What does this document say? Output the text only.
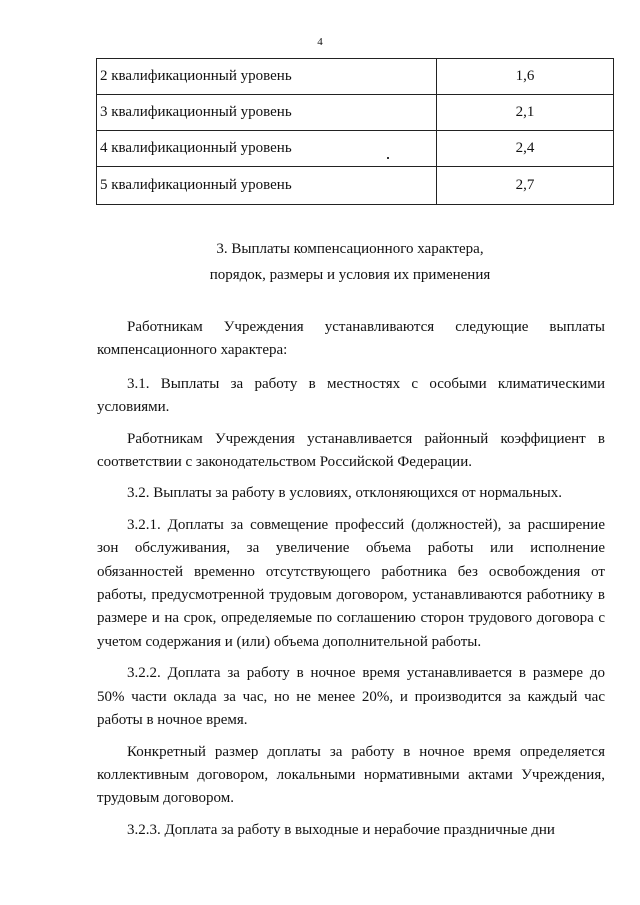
4
2 квалификационный уровень	1,6
3 квалификационный уровень	2,1
4 квалификационный уровень	2,4
5 квалификационный уровень	2,7
3. Выплаты компенсационного характера,
порядок, размеры и условия их применения

Работникам Учреждения устанавливаются следующие выплаты компенсационного характера:

3.1. Выплаты за работу в местностях с особыми климатическими условиями.

Работникам Учреждения устанавливается районный коэффициент в соответствии с законодательством Российской Федерации.

3.2. Выплаты за работу в условиях, отклоняющихся от нормальных.

3.2.1. Доплаты за совмещение профессий (должностей), за расширение зон обслуживания, за увеличение объема работы или исполнение обязанностей временно отсутствующего работника без освобождения от работы, предусмотренной трудовым договором, устанавливаются работнику в размере и на срок, определяемые по соглашению сторон трудового договора с учетом содержания и (или) объема дополнительной работы.

3.2.2. Доплата за работу в ночное время устанавливается в размере до 50% части оклада за час, но не менее 20%, и производится за каждый час работы в ночное время.

Конкретный размер доплаты за работу в ночное время определяется коллективным договором, локальными нормативными актами Учреждения, трудовым договором.

3.2.3. Доплата за работу в выходные и нерабочие праздничные дни
